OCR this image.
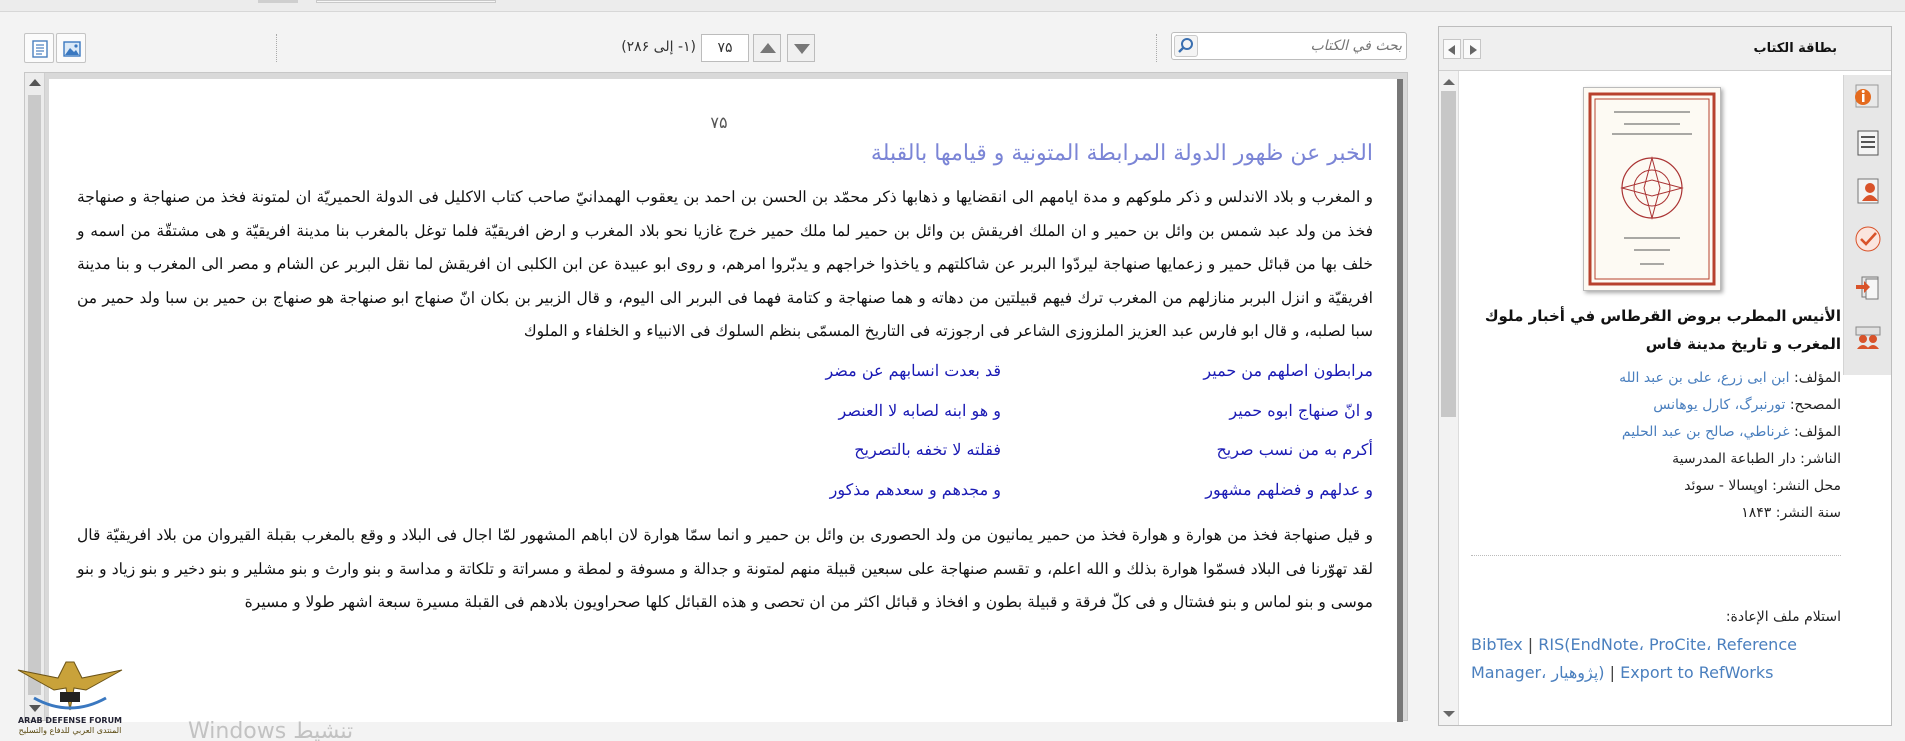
(۱- إلى ۲۸۶)	۷۵
بحث في الكتاب
۷۵
الخبر عن ظهور الدولة المرابطة المتونية و قيامها بالقبلة
و المغرب و بلاد الاندلس و ذكر ملوكهم و مدة ايامهم الى انقضايها و ذهابها ذكر محمّد بن الحسن بن احمد بن يعقوب الهمدانيّ صاحب كتاب الاكليل فى الدولة الحميريّة ان لمتونة فخذ من صنهاجة و صنهاجة فخذ من ولد عبد شمس بن وائل بن حمير و ان الملك افريقش بن وائل بن حمير لما ملك حمير خرج غازيا نحو بلاد المغرب و ارض افريقيّة فلما توغل بالمغرب بنا مدينة افريقيّة و هى مشتقّة من اسمه و خلف بها من قبائل حمير و زعمايها صنهاجة ليردّوا البربر عن شاكلتهم و ياخذوا خراجهم و يدبّروا امرهم، و روى ابو عبيدة عن ابن الكلبى ان افريقش لما نقل البربر عن الشام و مصر الى المغرب و بنا مدينة افريقيّة و انزل البربر منازلهم من المغرب ترك فيهم قبيلتين من دهاته و هما صنهاجة و كتامة فهما فى البربر الى اليوم، و قال الزبير بن بكان انّ صنهاج ابو صنهاجة هو صنهاج بن حمير بن سبا ولد حمير من سبا لصلبه، و قال ابو فارس عبد العزيز الملزوزى الشاعر فى ارجوزته فى التاريخ المسمّى بنظم السلوك فى الانبياء و الخلفاء و الملوك
مرابطون اصلهم من حمير
قد بعدت انسابهم عن مضر
و انّ صنهاج ابوه حمير
و هو ابنه لصابه لا العنصر
أكرم به من نسب صريح
فقلته لا تخفه بالتصريح
و عدلهم و فضلهم مشهور
و مجدهم و سعدهم مذكور
و قيل صنهاجة فخذ من هوارة و هوارة فخذ من حمير يمانيون من ولد الحصورى بن وائل بن حمير و انما سمّا هوارة لان اباهم المشهور لمّا اجال فى البلاد و وقع بالمغرب بقبلة القيروان من بلاد افريقيّة قال لقد تهوّرنا فى البلاد فسمّوا هوارة بذلك و الله اعلم، و تقسم صنهاجة على سبعين قبيلة منهم لمتونة و جدالة و مسوفة و لمطة و مسراتة و تلكاتة و مداسة و بنو وارث و بنو مشلير و بنو دخير و بنو زياد و بنو موسى و بنو لماس و بنو فشتال و فى كلّ فرقة و قبيلة بطون و افخاذ و قبائل اكثر من ان تحصى و هذه القبائل كلها صحراويون بلادهم فى القبلة مسيرة سبعة اشهر طولا و مسيرة
Windows تنشيط
ARAB DEFENSE FORUM
المنتدى العربي للدفاع والتسليح
بطاقة الكتاب
الأنيس المطرب بروض القرطاس في أخبار ملوك المغرب و تاريخ مدينة فاس
المؤلف: ابن ابى زرع، على بن عبد الله
المصحح: تورنبرگ، كارل يوهانس
المؤلف: غرناطي، صالح بن عبد الحليم
الناشر: دار الطباعة المدرسية
محل النشر: اوپسالا - سوئد
سنة النشر: ۱۸۴۳
استلام ملف الإعادة:
BibTex | RIS(EndNote، ProCite، Reference Manager، پژوهیار) | Export to RefWorks
